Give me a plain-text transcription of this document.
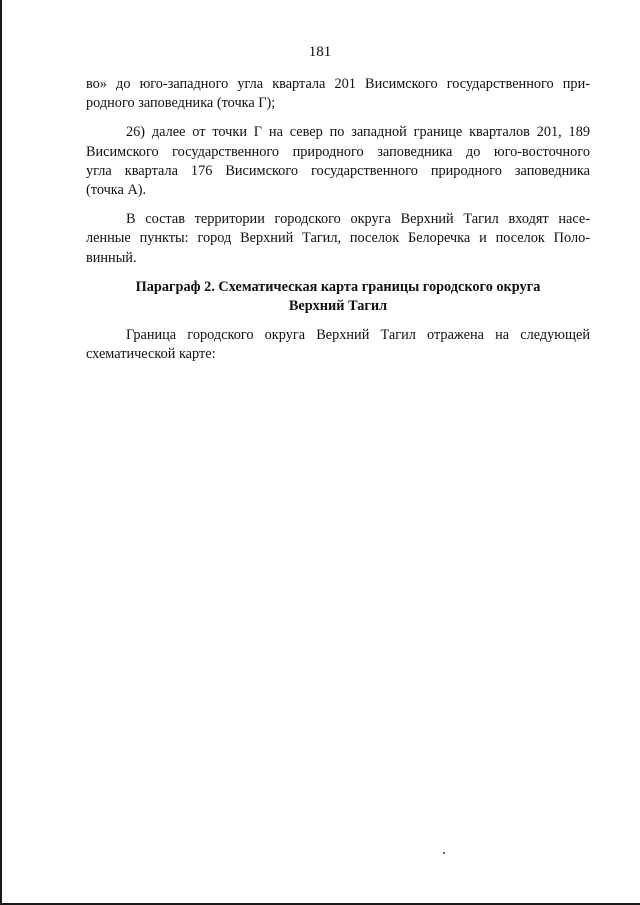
181

во» до юго-западного угла квартала 201 Висимского государственного при-
родного заповедника (точка Г);

26) далее от точки Г на север по западной границе кварталов 201, 189
Висимского государственного природного заповедника до юго-восточного
угла квартала 176 Висимского государственного природного заповедника
(точка А).

В состав территории городского округа Верхний Тагил входят насе-
ленные пункты: город Верхний Тагил, поселок Белоречка и поселок Поло-
винный.

Параграф 2. Схематическая карта границы городского округа
Верхний Тагил

Граница городского округа Верхний Тагил отражена на следующей
схематической карте:
